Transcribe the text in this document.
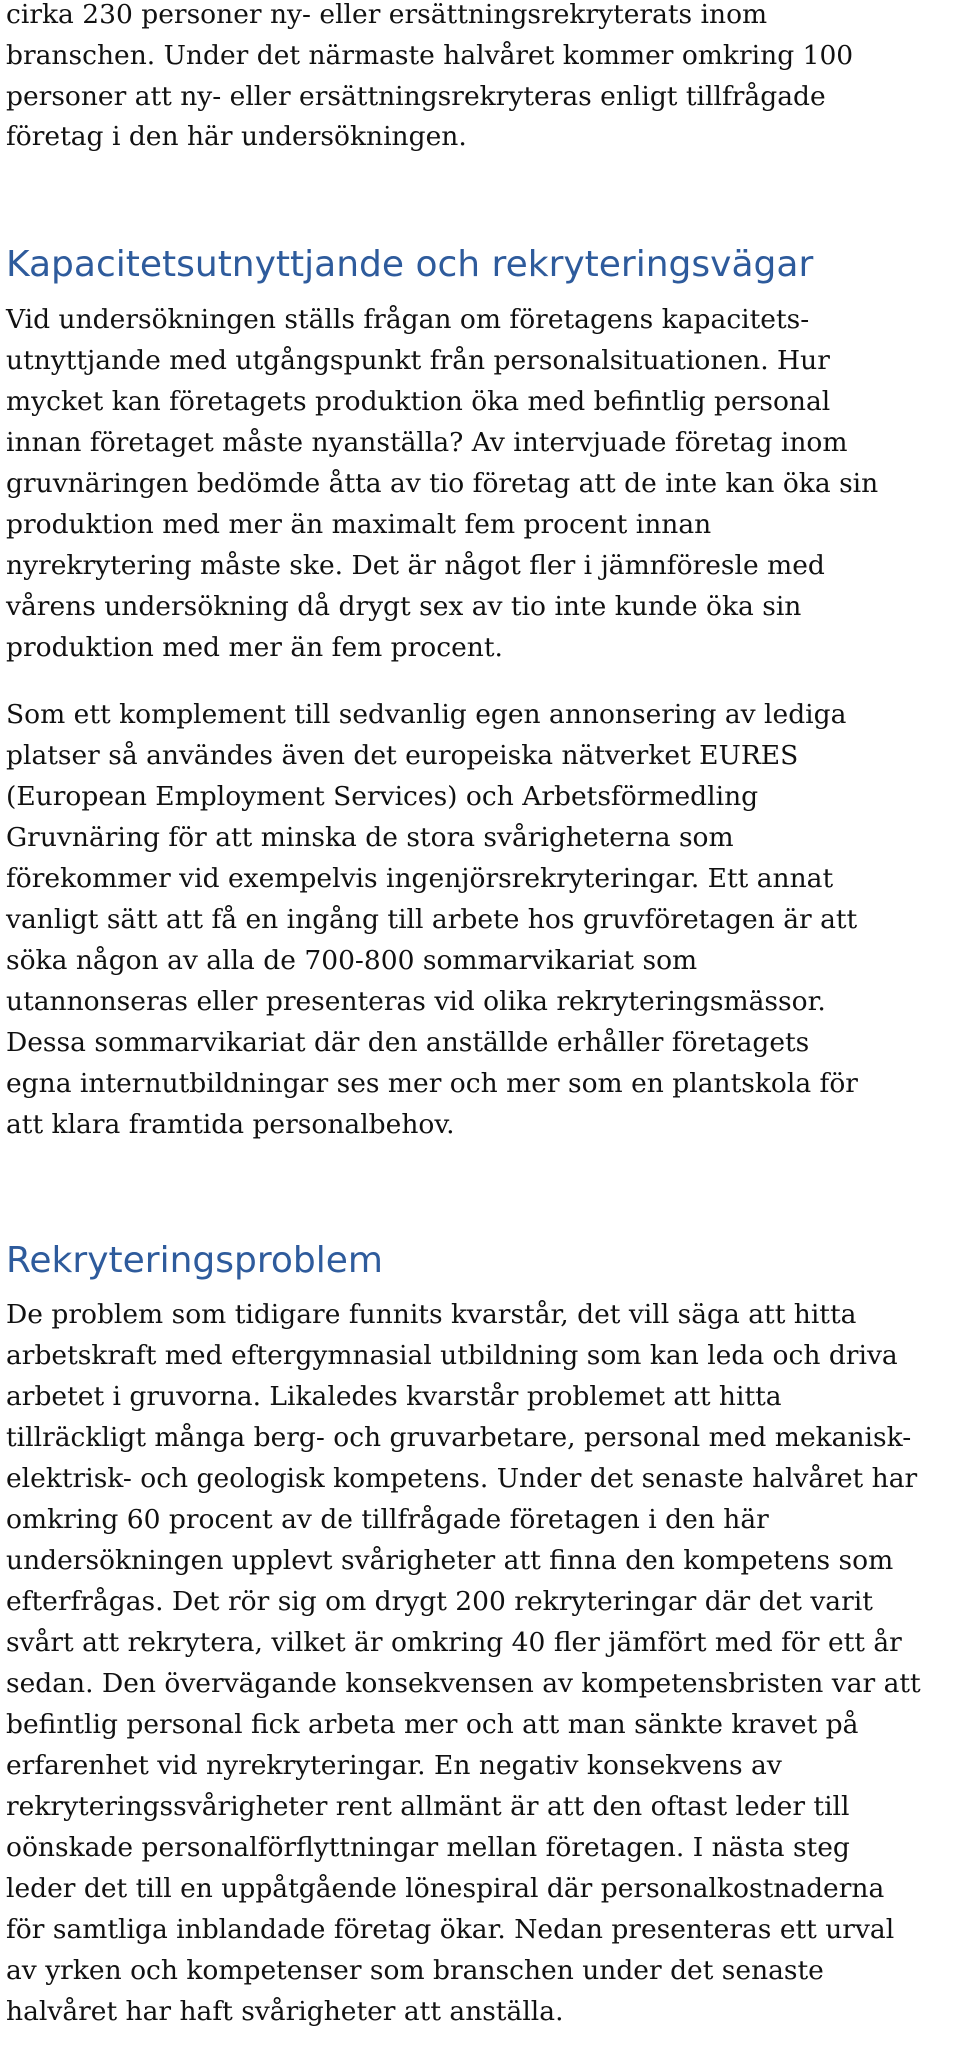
cirka 230 personer ny- eller ersättningsrekryterats inom
branschen. Under det närmaste halvåret kommer omkring 100
personer att ny- eller ersättningsrekryteras enligt tillfrågade
företag i den här undersökningen.
Kapacitetsutnyttjande och rekryteringsvägar
Vid undersökningen ställs frågan om företagens kapacitets-
utnyttjande med utgångspunkt från personalsituationen. Hur
mycket kan företagets produktion öka med befintlig personal
innan företaget måste nyanställa? Av intervjuade företag inom
gruvnäringen bedömde åtta av tio företag att de inte kan öka sin
produktion med mer än maximalt fem procent innan
nyrekrytering måste ske. Det är något fler i jämnföresle med
vårens undersökning då drygt sex av tio inte kunde öka sin
produktion med mer än fem procent.
Som ett komplement till sedvanlig egen annonsering av lediga
platser så användes även det europeiska nätverket EURES
(European Employment Services) och Arbetsförmedling
Gruvnäring för att minska de stora svårigheterna som
förekommer vid exempelvis ingenjörsrekryteringar. Ett annat
vanligt sätt att få en ingång till arbete hos gruvföretagen är att
söka någon av alla de 700-800 sommarvikariat som
utannonseras eller presenteras vid olika rekryteringsmässor.
Dessa sommarvikariat där den anställde erhåller företagets
egna internutbildningar ses mer och mer som en plantskola för
att klara framtida personalbehov.
Rekryteringsproblem
De problem som tidigare funnits kvarstår, det vill säga att hitta
arbetskraft med eftergymnasial utbildning som kan leda och driva
arbetet i gruvorna. Likaledes kvarstår problemet att hitta
tillräckligt många berg- och gruvarbetare, personal med mekanisk-
elektrisk- och geologisk kompetens. Under det senaste halvåret har
omkring 60 procent av de tillfrågade företagen i den här
undersökningen upplevt svårigheter att finna den kompetens som
efterfrågas. Det rör sig om drygt 200 rekryteringar där det varit
svårt att rekrytera, vilket är omkring 40 fler jämfört med för ett år
sedan. Den övervägande konsekvensen av kompetensbristen var att
befintlig personal fick arbeta mer och att man sänkte kravet på
erfarenhet vid nyrekryteringar. En negativ konsekvens av
rekryteringssvårigheter rent allmänt är att den oftast leder till
oönskade personalförflyttningar mellan företagen. I nästa steg
leder det till en uppåtgående lönespiral där personalkostnaderna
för samtliga inblandade företag ökar. Nedan presenteras ett urval
av yrken och kompetenser som branschen under det senaste
halvåret har haft svårigheter att anställa.
